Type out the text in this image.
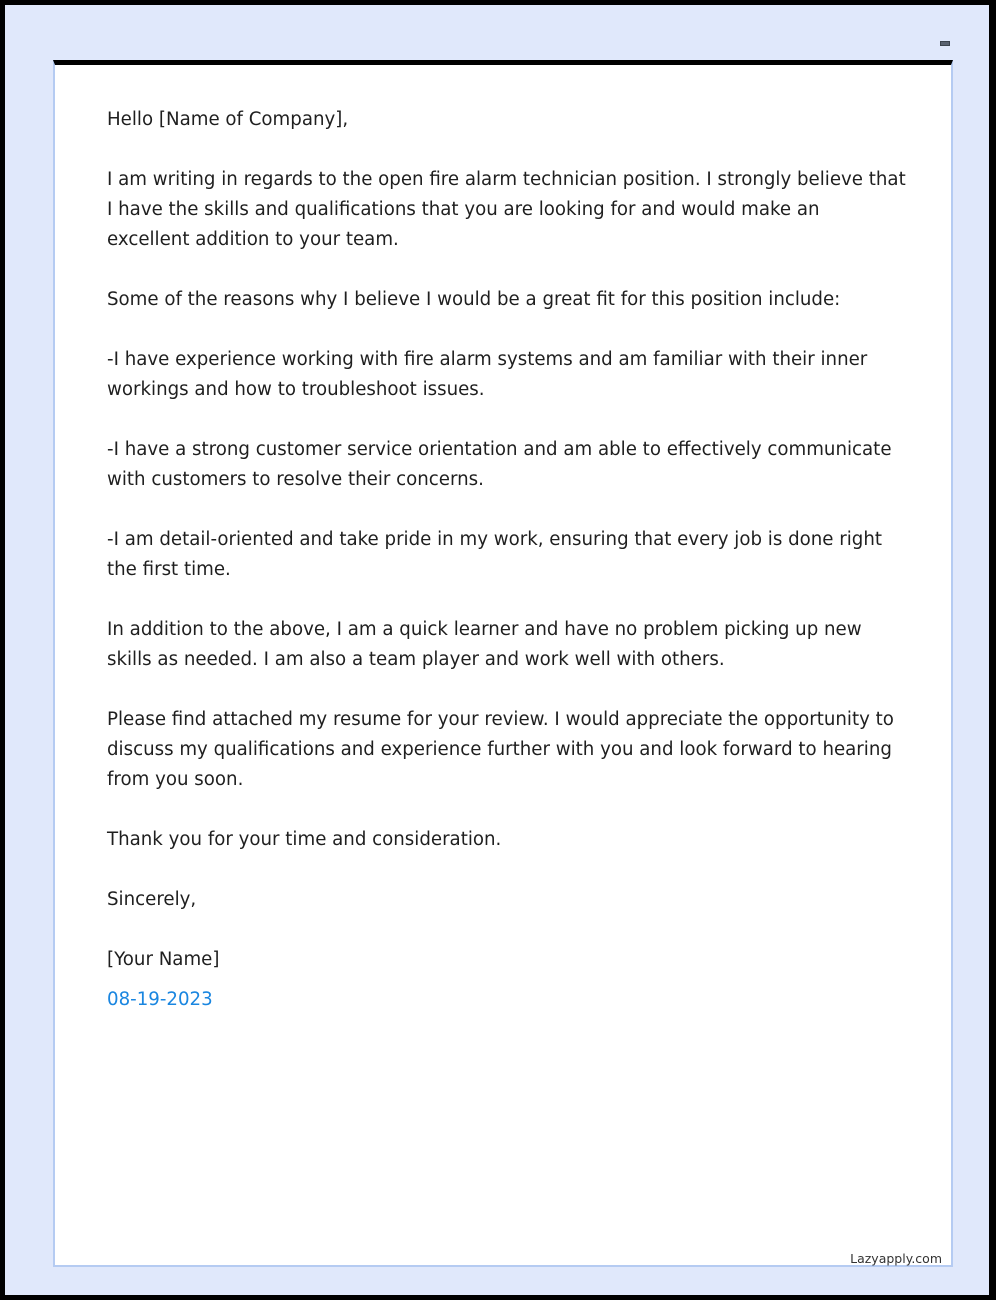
Hello [Name of Company],

I am writing in regards to the open fire alarm technician position. I strongly believe that I have the skills and qualifications that you are looking for and would make an excellent addition to your team.

Some of the reasons why I believe I would be a great fit for this position include:

-I have experience working with fire alarm systems and am familiar with their inner workings and how to troubleshoot issues.

-I have a strong customer service orientation and am able to effectively communicate with customers to resolve their concerns.

-I am detail-oriented and take pride in my work, ensuring that every job is done right the first time.

In addition to the above, I am a quick learner and have no problem picking up new skills as needed. I am also a team player and work well with others.

Please find attached my resume for your review. I would appreciate the opportunity to discuss my qualifications and experience further with you and look forward to hearing from you soon.

Thank you for your time and consideration.

Sincerely,

[Your Name]

08-19-2023

Lazyapply.com
